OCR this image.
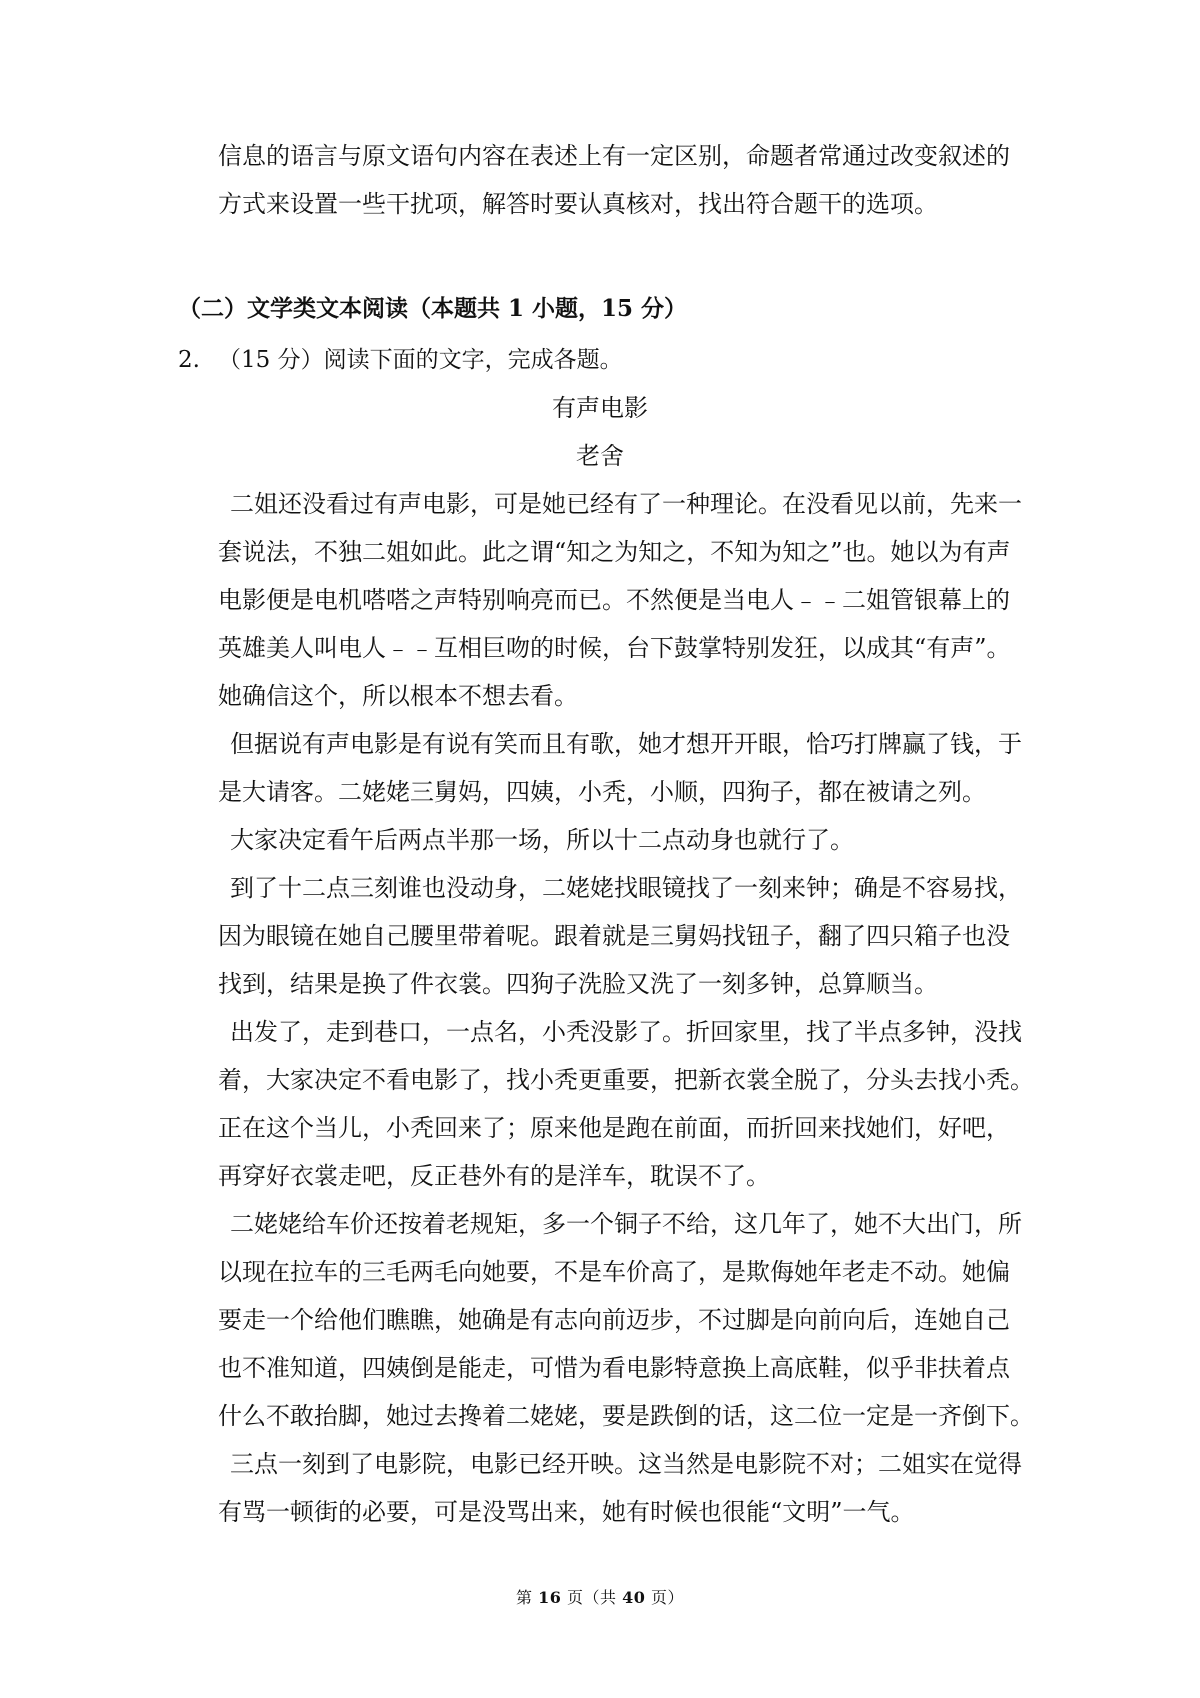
信息的语言与原文语句内容在表述上有一定区别，命题者常通过改变叙述的
方式来设置一些干扰项，解答时要认真核对，找出符合题干的选项。
（二）文学类文本阅读（本题共 1 小题，15 分）
2. （15 分）阅读下面的文字，完成各题。
有声电影
老舍
二姐还没看过有声电影，可是她已经有了一种理论。在没看见以前，先来一
套说法，不独二姐如此。此之谓“知之为知之，不知为知之”也。她以为有声
电影便是电机嗒嗒之声特别响亮而已。不然便是当电人﹣﹣二姐管银幕上的
英雄美人叫电人﹣﹣互相巨吻的时候，台下鼓掌特别发狂，以成其“有声”。
她确信这个，所以根本不想去看。
但据说有声电影是有说有笑而且有歌，她才想开开眼，恰巧打牌赢了钱，于
是大请客。二姥姥三舅妈，四姨，小秃，小顺，四狗子，都在被请之列。
大家决定看午后两点半那一场，所以十二点动身也就行了。
到了十二点三刻谁也没动身，二姥姥找眼镜找了一刻来钟；确是不容易找，
因为眼镜在她自己腰里带着呢。跟着就是三舅妈找钮子，翻了四只箱子也没
找到，结果是换了件衣裳。四狗子洗脸又洗了一刻多钟，总算顺当。
出发了，走到巷口，一点名，小秃没影了。折回家里，找了半点多钟，没找
着，大家决定不看电影了，找小秃更重要，把新衣裳全脱了，分头去找小秃。
正在这个当儿，小秃回来了；原来他是跑在前面，而折回来找她们，好吧，
再穿好衣裳走吧，反正巷外有的是洋车，耽误不了。
二姥姥给车价还按着老规矩，多一个铜子不给，这几年了，她不大出门，所
以现在拉车的三毛两毛向她要，不是车价高了，是欺侮她年老走不动。她偏
要走一个给他们瞧瞧，她确是有志向前迈步，不过脚是向前向后，连她自己
也不准知道，四姨倒是能走，可惜为看电影特意换上高底鞋，似乎非扶着点
什么不敢抬脚，她过去搀着二姥姥，要是跌倒的话，这二位一定是一齐倒下。
三点一刻到了电影院，电影已经开映。这当然是电影院不对；二姐实在觉得
有骂一顿街的必要，可是没骂出来，她有时候也很能“文明”一气。
第 16 页（共 40 页）
